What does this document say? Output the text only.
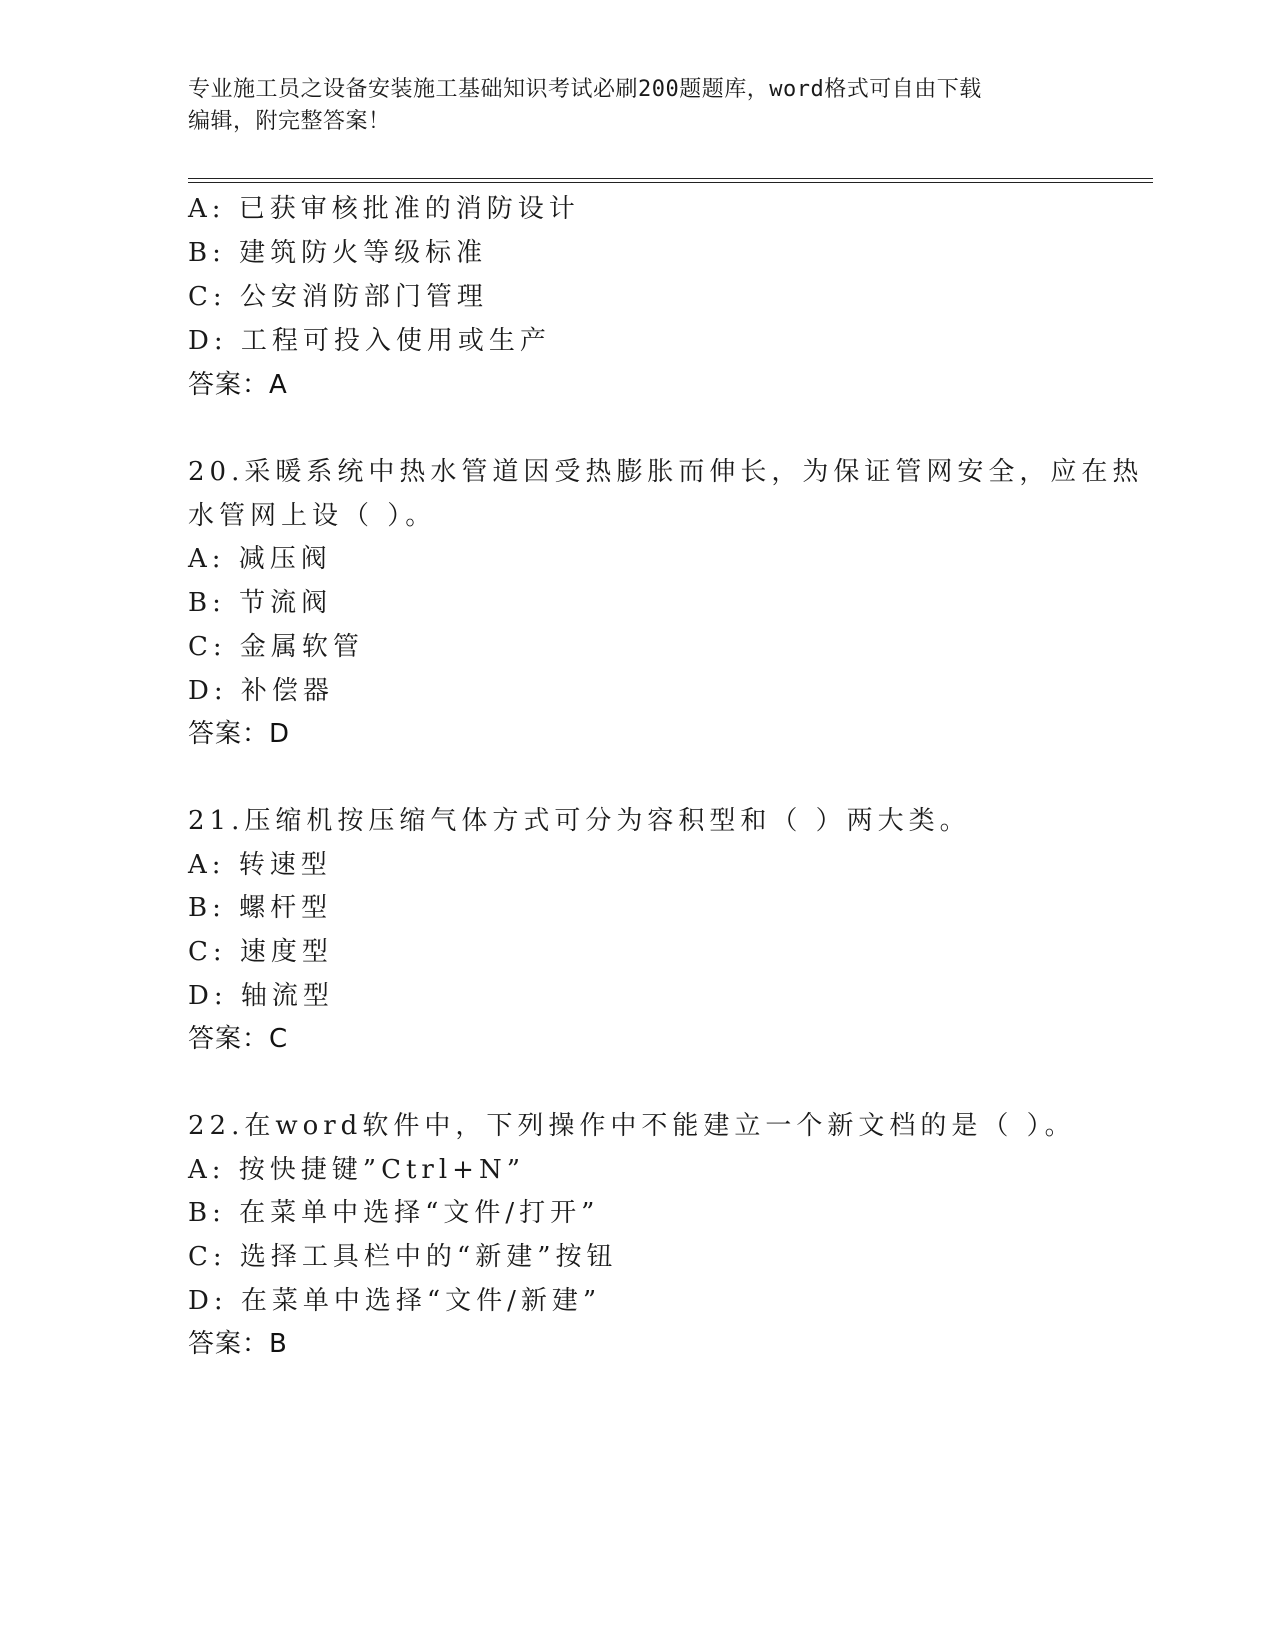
专业施工员之设备安装施工基础知识考试必刷200题题库，word格式可自由下载
编辑，附完整答案！
A: 已获审核批准的消防设计
B: 建筑防火等级标准
C: 公安消防部门管理
D: 工程可投入使用或生产
答案：A
20.采暖系统中热水管道因受热膨胀而伸长，为保证管网安全，应在热
水管网上设（ ）。
A: 减压阀
B: 节流阀
C: 金属软管
D: 补偿器
答案：D
21.压缩机按压缩气体方式可分为容积型和（ ）两大类。
A: 转速型
B: 螺杆型
C: 速度型
D: 轴流型
答案：C
22.在word软件中，下列操作中不能建立一个新文档的是（ ）。
A: 按快捷键”Ctrl+N”
B: 在菜单中选择“文件/打开”
C: 选择工具栏中的“新建”按钮
D: 在菜单中选择“文件/新建”
答案：B
